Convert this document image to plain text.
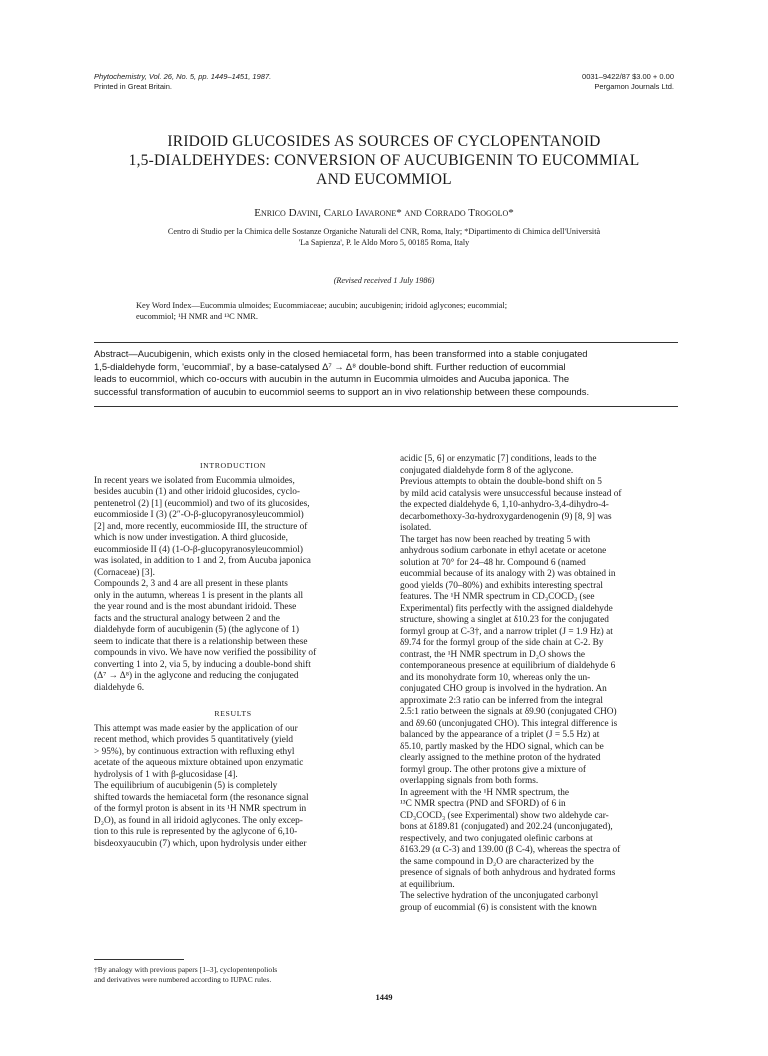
Phytochemistry, Vol. 26, No. 5, pp. 1449–1451, 1987.
Printed in Great Britain.
0031–9422/87 $3.00 + 0.00
Pergamon Journals Ltd.
IRIDOID GLUCOSIDES AS SOURCES OF CYCLOPENTANOID
1,5-DIALDEHYDES: CONVERSION OF AUCUBIGENIN TO EUCOMMIAL
AND EUCOMMIOL
Enrico Davini, Carlo Iavarone* and Corrado Trogolo*
Centro di Studio per la Chimica delle Sostanze Organiche Naturali del CNR, Roma, Italy; *Dipartimento di Chimica dell'Università
'La Sapienza', P. le Aldo Moro 5, 00185 Roma, Italy
(Revised received 1 July 1986)
Key Word Index—Eucommia ulmoides; Eucommiaceae; aucubin; aucubigenin; iridoid aglycones; eucommial;
eucommiol; ¹H NMR and ¹³C NMR.
Abstract—Aucubigenin, which exists only in the closed hemiacetal form, has been transformed into a stable conjugated
1,5-dialdehyde form, 'eucommial', by a base-catalysed Δ⁷ → Δ⁸ double-bond shift. Further reduction of eucommial
leads to eucommiol, which co-occurs with aucubin in the autumn in Eucommia ulmoides and Aucuba japonica. The
successful transformation of aucubin to eucommiol seems to support an in vivo relationship between these compounds.
INTRODUCTION
In recent years we isolated from Eucommia ulmoides,
besides aucubin (1) and other iridoid glucosides, cyclo-
pentenetrol (2) [1] (eucommiol) and two of its glucosides,
eucommioside I (3) (2″-O-β-glucopyranosyleucommiol)
[2] and, more recently, eucommioside III, the structure of
which is now under investigation. A third glucoside,
eucommioside II (4) (1-O-β-glucopyranosyleucommiol)
was isolated, in addition to 1 and 2, from Aucuba japonica
(Cornaceae) [3].
Compounds 2, 3 and 4 are all present in these plants
only in the autumn, whereas 1 is present in the plants all
the year round and is the most abundant iridoid. These
facts and the structural analogy between 2 and the
dialdehyde form of aucubigenin (5) (the aglycone of 1)
seem to indicate that there is a relationship between these
compounds in vivo. We have now verified the possibility of
converting 1 into 2, via 5, by inducing a double-bond shift
(Δ⁷ → Δ⁸) in the aglycone and reducing the conjugated
dialdehyde 6.
RESULTS
This attempt was made easier by the application of our
recent method, which provides 5 quantitatively (yield
> 95%), by continuous extraction with refluxing ethyl
acetate of the aqueous mixture obtained upon enzymatic
hydrolysis of 1 with β-glucosidase [4].
The equilibrium of aucubigenin (5) is completely
shifted towards the hemiacetal form (the resonance signal
of the formyl proton is absent in its ¹H NMR spectrum in
D₂O), as found in all iridoid aglycones. The only excep-
tion to this rule is represented by the aglycone of 6,10-
bisdeoxyaucubin (7) which, upon hydrolysis under either
acidic [5, 6] or enzymatic [7] conditions, leads to the
conjugated dialdehyde form 8 of the aglycone.
Previous attempts to obtain the double-bond shift on 5
by mild acid catalysis were unsuccessful because instead of
the expected dialdehyde 6, 1,10-anhydro-3,4-dihydro-4-
decarbomethoxy-3α-hydroxygardenogenin (9) [8, 9] was
isolated.
The target has now been reached by treating 5 with
anhydrous sodium carbonate in ethyl acetate or acetone
solution at 70° for 24–48 hr. Compound 6 (named
eucommial because of its analogy with 2) was obtained in
good yields (70–80%) and exhibits interesting spectral
features. The ¹H NMR spectrum in CD₃COCD₃ (see
Experimental) fits perfectly with the assigned dialdehyde
structure, showing a singlet at δ10.23 for the conjugated
formyl group at C-3†, and a narrow triplet (J = 1.9 Hz) at
δ9.74 for the formyl group of the side chain at C-2. By
contrast, the ¹H NMR spectrum in D₂O shows the
contemporaneous presence at equilibrium of dialdehyde 6
and its monohydrate form 10, whereas only the un-
conjugated CHO group is involved in the hydration. An
approximate 2:3 ratio can be inferred from the integral
2.5:1 ratio between the signals at δ9.90 (conjugated CHO)
and δ9.60 (unconjugated CHO). This integral difference is
balanced by the appearance of a triplet (J = 5.5 Hz) at
δ5.10, partly masked by the HDO signal, which can be
clearly assigned to the methine proton of the hydrated
formyl group. The other protons give a mixture of
overlapping signals from both forms.
In agreement with the ¹H NMR spectrum, the
¹³C NMR spectra (PND and SFORD) of 6 in
CD₃COCD₃ (see Experimental) show two aldehyde car-
bons at δ189.81 (conjugated) and 202.24 (unconjugated),
respectively, and two conjugated olefinic carbons at
δ163.29 (α C-3) and 139.00 (β C-4), whereas the spectra of
the same compound in D₂O are characterized by the
presence of signals of both anhydrous and hydrated forms
at equilibrium.
The selective hydration of the unconjugated carbonyl
group of eucommial (6) is consistent with the known
†By analogy with previous papers [1–3], cyclopentenpoliols
and derivatives were numbered according to IUPAC rules.
1449
